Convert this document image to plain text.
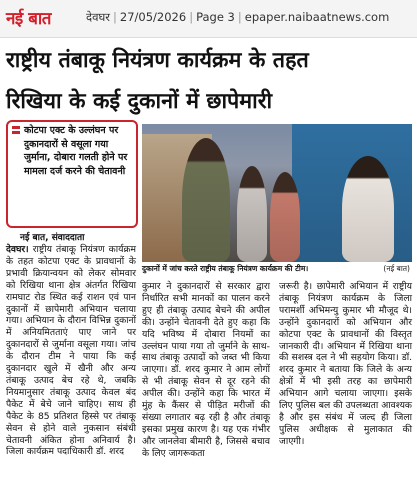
नई बात	देवघर | 27/05/2026 | Page 3 | epaper.naibaatnews.com
राष्ट्रीय तंबाकू नियंत्रण कार्यक्रम के तहत
रिखिया के कई दुकानों में छापेमारी
कोटपा एक्ट के उल्लंघन पर दुकानदारों से वसूला गया जुर्माना, दोबारा गलती होने पर मामला दर्ज करने की चेतावनी
नई बात, संवाददाता
दुकानों में जांच करते राष्ट्रीय तंबाकू नियंत्रण कार्यक्रम की टीम।	(नई बात)

देवघर। राष्ट्रीय तंबाकू नियंत्रण कार्यक्रम के तहत कोटपा एक्ट के प्रावधानों के प्रभावी क्रियान्वयन को लेकर सोमवार को रिखिया थाना क्षेत्र अंतर्गत रिखिया रामघाट रोड स्थित कई राशन एवं पान दुकानों में छापेमारी अभियान चलाया गया। अभियान के दौरान विभिन्न दुकानों में अनियमितताएं पाए जाने पर दुकानदारों से जुर्माना वसूला गया। जांच के दौरान टीम ने पाया कि कई दुकानदार खुले में खैनी और अन्य तंबाकू उत्पाद बेच रहे थे, जबकि नियमानुसार तंबाकू उत्पाद केवल बंद पैकेट में बेचे जाने चाहिए। साथ ही पैकेट के 85 प्रतिशत हिस्से पर तंबाकू सेवन से होने वाले नुकसान संबंधी चेतावनी अंकित होना अनिवार्य है। जिला कार्यक्रम पदाधिकारी डॉ. शरद

कुमार ने दुकानदारों से सरकार द्वारा निर्धारित सभी मानकों का पालन करने हुए ही तंबाकू उत्पाद बेचने की अपील की। उन्होंने चेतावनी देते हुए कहा कि यदि भविष्य में दोबारा नियमों का उल्लंघन पाया गया तो जुर्माने के साथ-साथ तंबाकू उत्पादों को जब्त भी किया जाएगा। डॉ. शरद कुमार ने आम लोगों से भी तंबाकू सेवन से दूर रहने की अपील की। उन्होंने कहा कि भारत में मुंह के कैंसर से पीड़ित मरीजों की संख्या लगातार बढ़ रही है और तंबाकू इसका प्रमुख कारण है। यह एक गंभीर और जानलेवा बीमारी है, जिससे बचाव के लिए जागरूकता

जरूरी है। छापेमारी अभियान में राष्ट्रीय तंबाकू नियंत्रण कार्यक्रम के जिला परामर्शी अभिमन्यु कुमार भी मौजूद थे। उन्होंने दुकानदारों को अभियान और कोटपा एक्ट के प्रावधानों की विस्तृत जानकारी दी। अभियान में रिखिया थाना की सशस्त्र दल ने भी सहयोग किया। डॉ. शरद कुमार ने बताया कि जिले के अन्य क्षेत्रों में भी इसी तरह का छापेमारी अभियान आगे चलाया जाएगा। इसके लिए पुलिस बल की उपलब्धता आवश्यक है और इस संबंध में जल्द ही जिला पुलिस अधीक्षक से मुलाकात की जाएगी।
